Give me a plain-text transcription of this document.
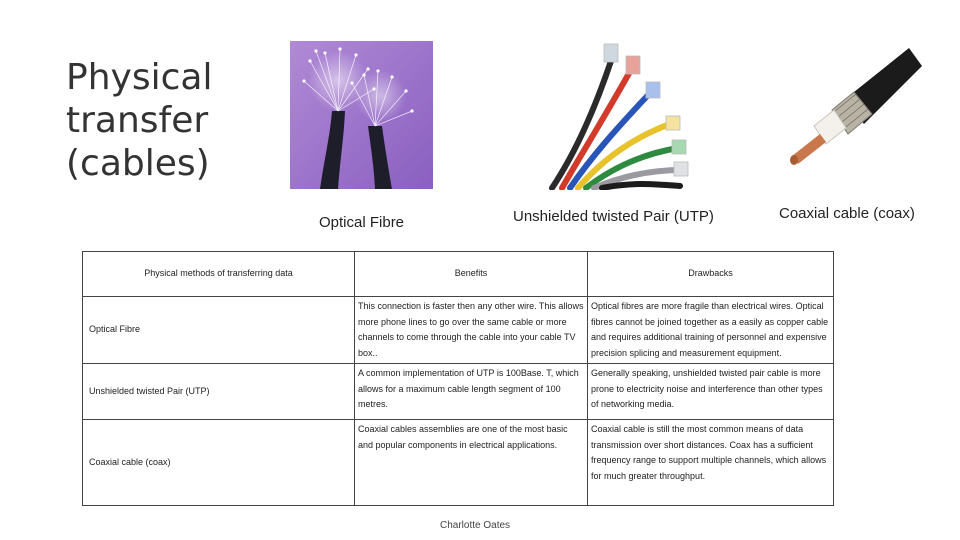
Physical
transfer
(cables)
Optical Fibre	Unshielded twisted Pair (UTP)	Coaxial cable (coax)
Physical methods of transferring data	Benefits	Drawbacks
Optical Fibre	This connection is faster then any other wire. This allows more phone lines to go over the same cable or more channels to come through the cable into your cable TV box..	Optical fibres are more fragile than electrical wires. Optical fibres cannot be joined together as a easily as copper cable and requires additional training of personnel and expensive precision splicing and measurement equipment.
Unshielded twisted Pair (UTP)	A common implementation of UTP is 100Base. T, which allows for a maximum cable length segment of 100 metres.	Generally speaking, unshielded twisted pair cable is more prone to electricity noise and interference than other types of networking media.
Coaxial cable (coax)	Coaxial cables assemblies are one of the most basic and popular components in electrical applications.	Coaxial cable is still the most common means of data transmission over short distances. Coax has a sufficient frequency range to support multiple channels, which allows for much greater throughput.
Charlotte Oates
